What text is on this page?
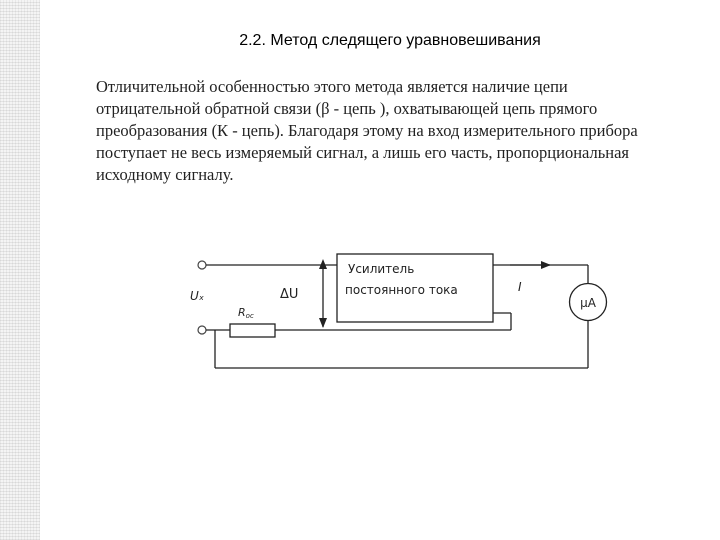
2.2. Метод следящего уравновешивания
Отличительной особенностью этого метода является наличие цепи
отрицательной обратной связи (β - цепь ), охватывающей цепь прямого
преобразования (К - цепь). Благодаря этому на вход измерительного прибора
поступает не весь измеряемый сигнал, а лишь его часть, пропорциональная
исходному сигналу.
Усилитель
постоянного тока
ΔU
Uₓ
Rос
I
μA
